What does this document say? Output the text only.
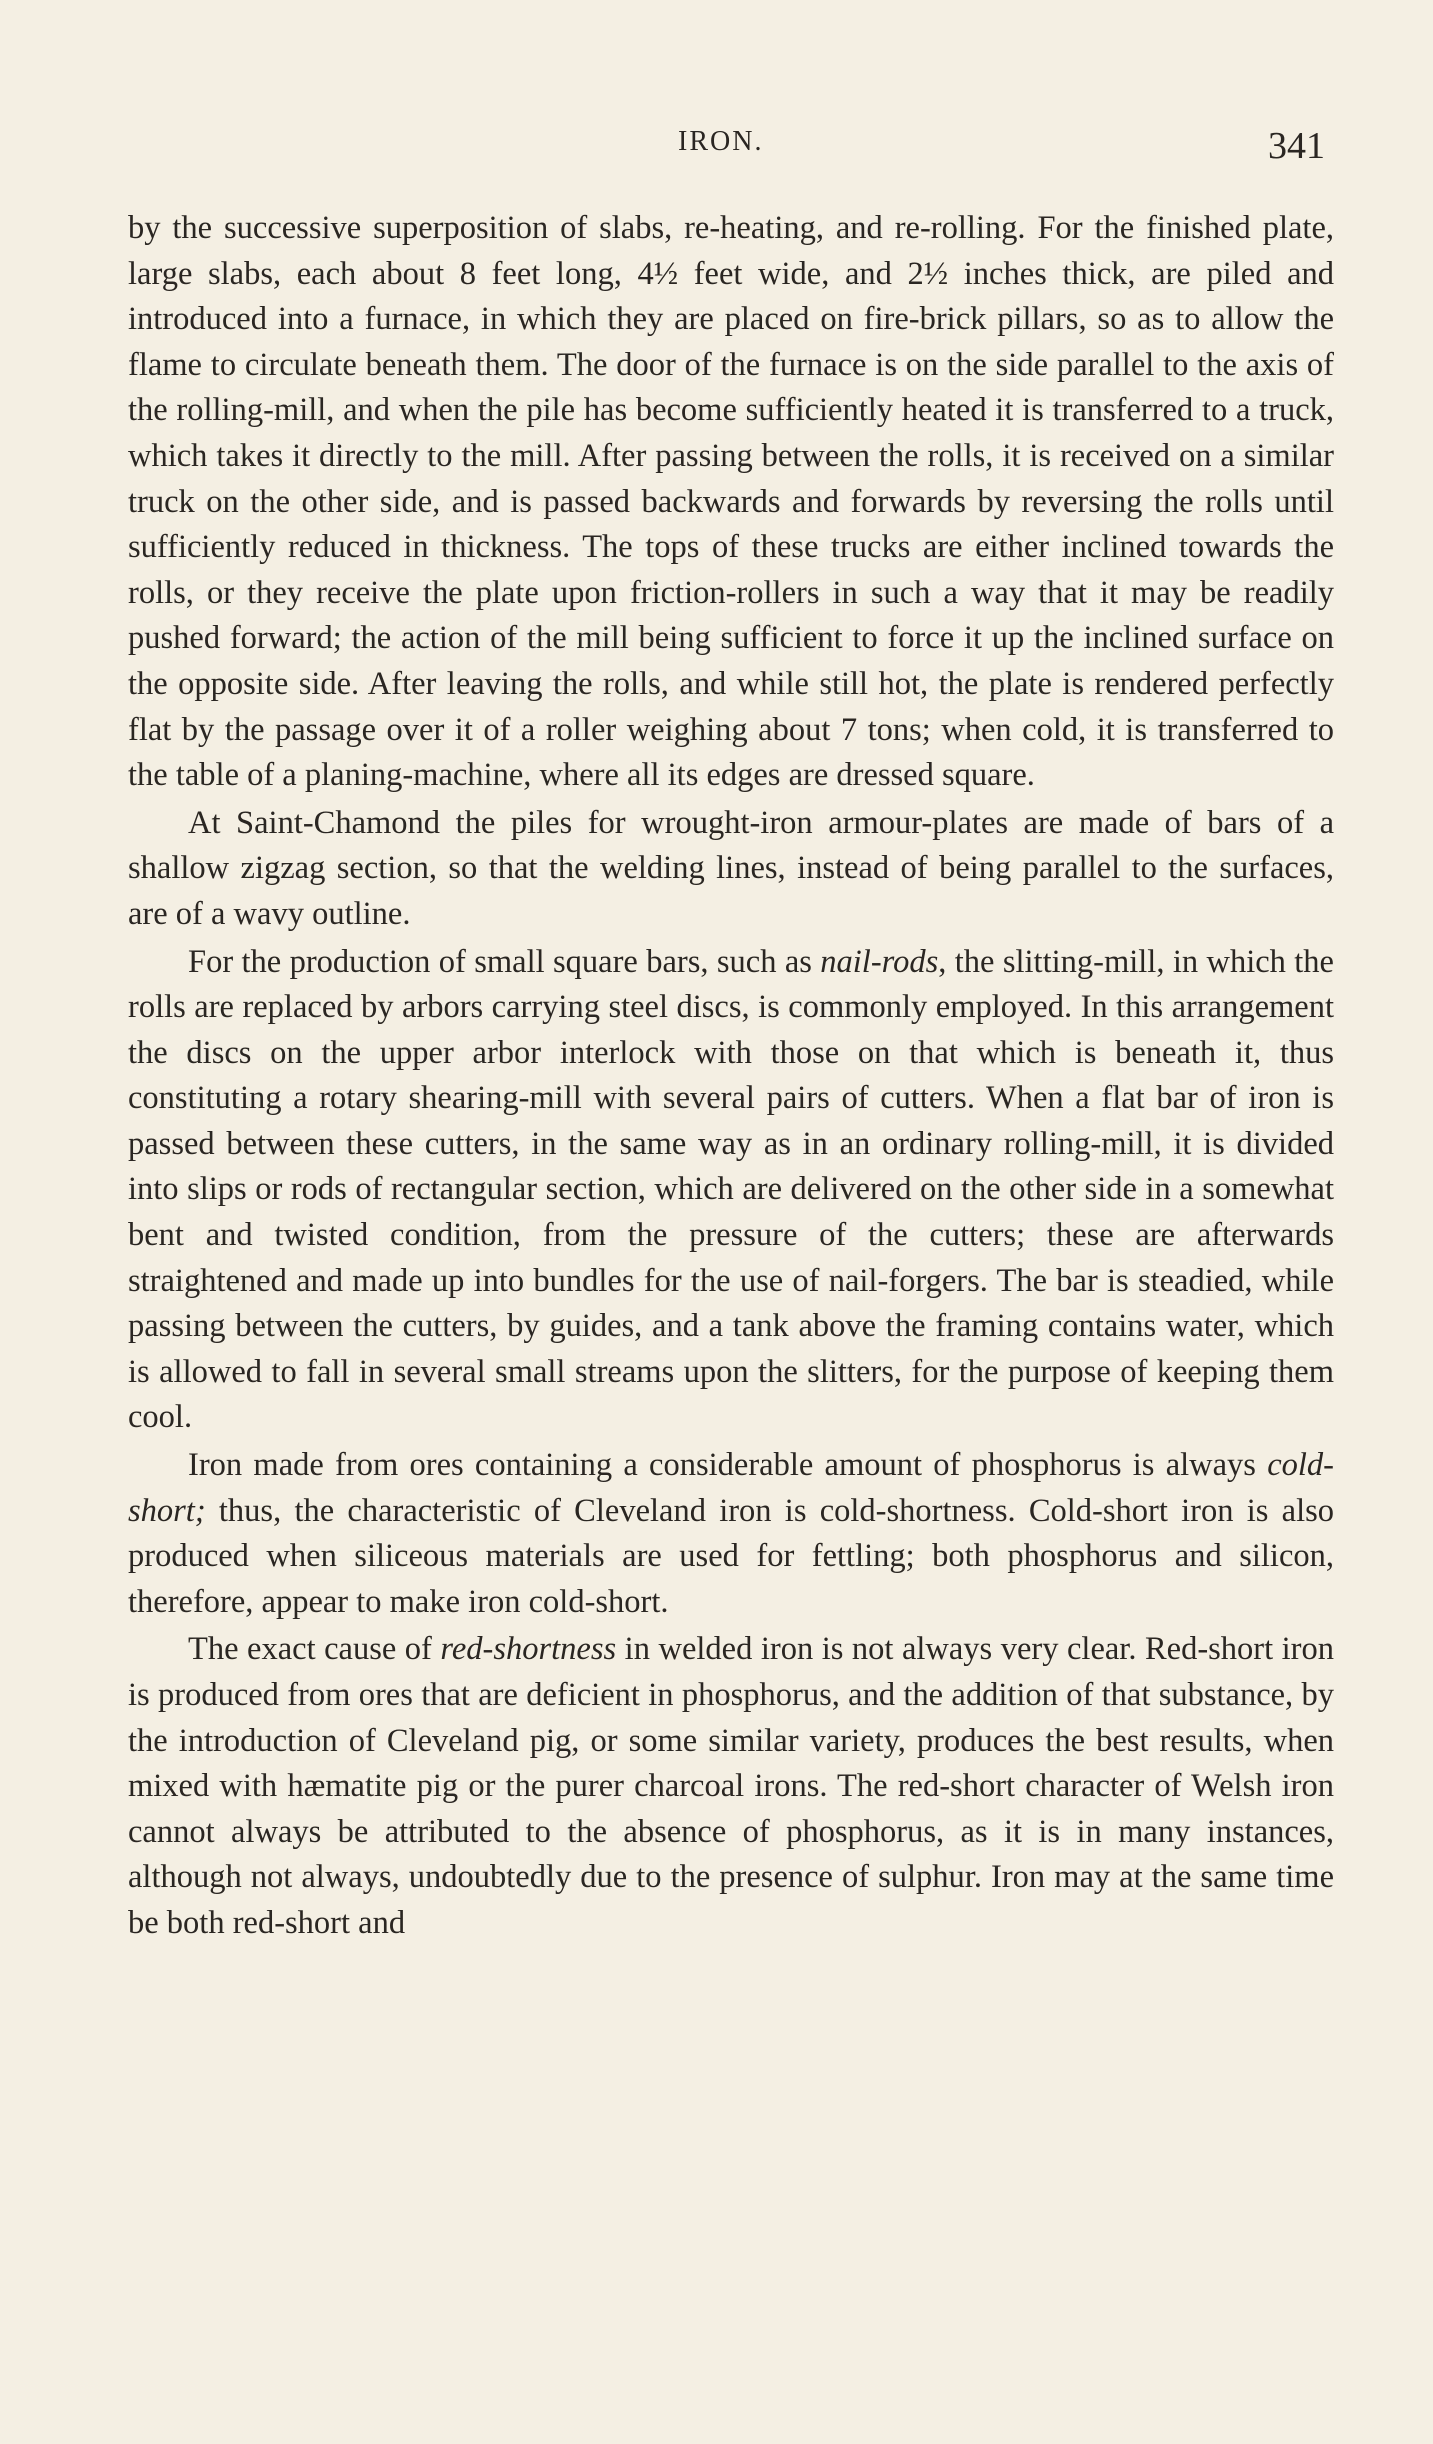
IRON.	341

by the successive superposition of slabs, re-heating, and re-rolling. For the finished plate, large slabs, each about 8 feet long, 4½ feet wide, and 2½ inches thick, are piled and introduced into a furnace, in which they are placed on fire-brick pillars, so as to allow the flame to circulate beneath them. The door of the furnace is on the side parallel to the axis of the rolling-mill, and when the pile has become sufficiently heated it is transferred to a truck, which takes it directly to the mill. After passing between the rolls, it is received on a similar truck on the other side, and is passed backwards and forwards by reversing the rolls until sufficiently reduced in thickness. The tops of these trucks are either inclined towards the rolls, or they receive the plate upon friction-rollers in such a way that it may be readily pushed forward; the action of the mill being sufficient to force it up the inclined surface on the opposite side. After leaving the rolls, and while still hot, the plate is rendered perfectly flat by the passage over it of a roller weighing about 7 tons; when cold, it is transferred to the table of a planing-machine, where all its edges are dressed square.

At Saint-Chamond the piles for wrought-iron armour-plates are made of bars of a shallow zigzag section, so that the welding lines, instead of being parallel to the surfaces, are of a wavy outline.

For the production of small square bars, such as nail-rods, the slitting-mill, in which the rolls are replaced by arbors carrying steel discs, is commonly employed. In this arrangement the discs on the upper arbor interlock with those on that which is beneath it, thus constituting a rotary shearing-mill with several pairs of cutters. When a flat bar of iron is passed between these cutters, in the same way as in an ordinary rolling-mill, it is divided into slips or rods of rectangular section, which are delivered on the other side in a somewhat bent and twisted condition, from the pressure of the cutters; these are afterwards straightened and made up into bundles for the use of nail-forgers. The bar is steadied, while passing between the cutters, by guides, and a tank above the framing contains water, which is allowed to fall in several small streams upon the slitters, for the purpose of keeping them cool.

Iron made from ores containing a considerable amount of phosphorus is always cold-short; thus, the characteristic of Cleveland iron is cold-shortness. Cold-short iron is also produced when siliceous materials are used for fettling; both phosphorus and silicon, therefore, appear to make iron cold-short.

The exact cause of red-shortness in welded iron is not always very clear. Red-short iron is produced from ores that are deficient in phosphorus, and the addition of that substance, by the introduction of Cleveland pig, or some similar variety, produces the best results, when mixed with hæmatite pig or the purer charcoal irons. The red-short character of Welsh iron cannot always be attributed to the absence of phosphorus, as it is in many instances, although not always, undoubtedly due to the presence of sulphur. Iron may at the same time be both red-short and
